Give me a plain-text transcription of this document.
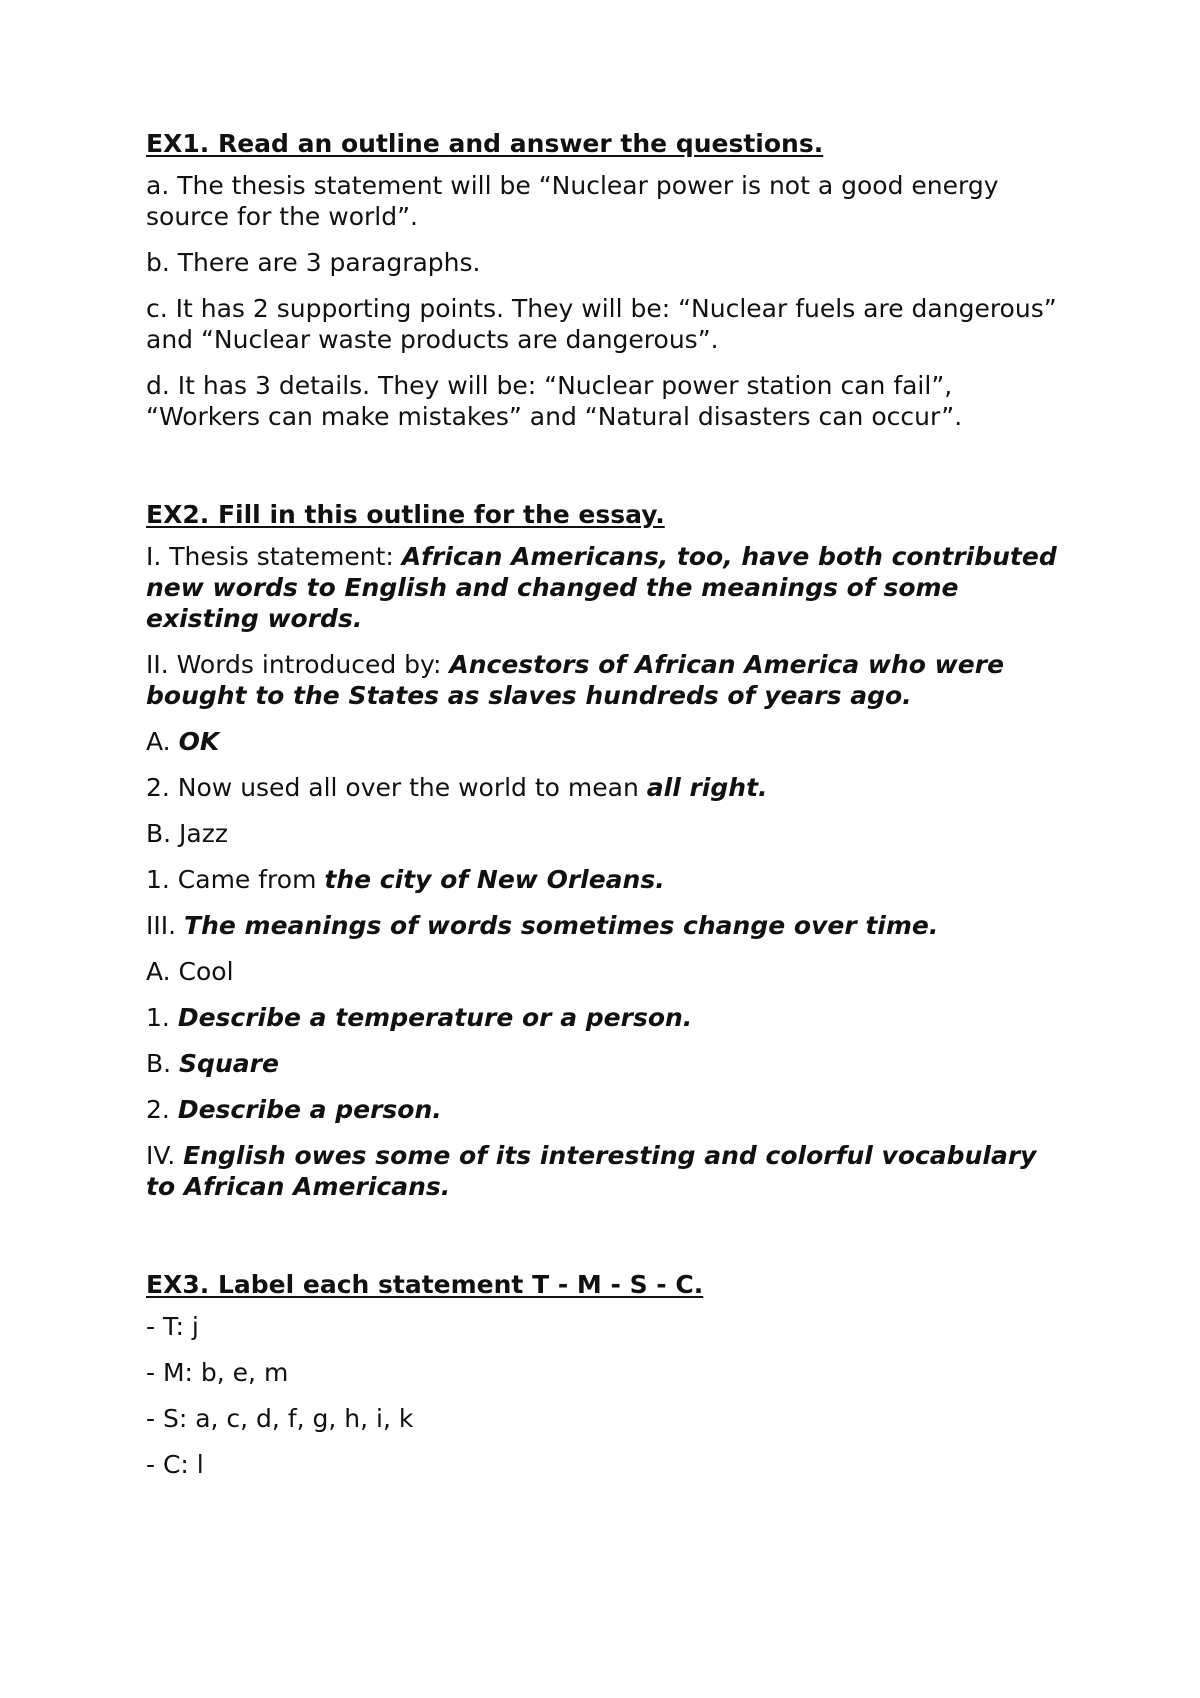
EX1. Read an outline and answer the questions.

a. The thesis statement will be “Nuclear power is not a good energy source for the world”.

b. There are 3 paragraphs.

c. It has 2 supporting points. They will be: “Nuclear fuels are dangerous” and “Nuclear waste products are dangerous”.

d. It has 3 details. They will be: “Nuclear power station can fail”, “Workers can make mistakes” and “Natural disasters can occur”.

EX2. Fill in this outline for the essay.

I. Thesis statement: African Americans, too, have both contributed new words to English and changed the meanings of some existing words.

II. Words introduced by: Ancestors of African America who were bought to the States as slaves hundreds of years ago.

A. OK

2. Now used all over the world to mean all right.

B. Jazz

1. Came from the city of New Orleans.

III. The meanings of words sometimes change over time.

A. Cool

1. Describe a temperature or a person.

B. Square

2. Describe a person.

IV. English owes some of its interesting and colorful vocabulary to African Americans.

EX3. Label each statement T - M - S - C.

- T: j

- M: b, e, m

- S: a, c, d, f, g, h, i, k

- C: l
